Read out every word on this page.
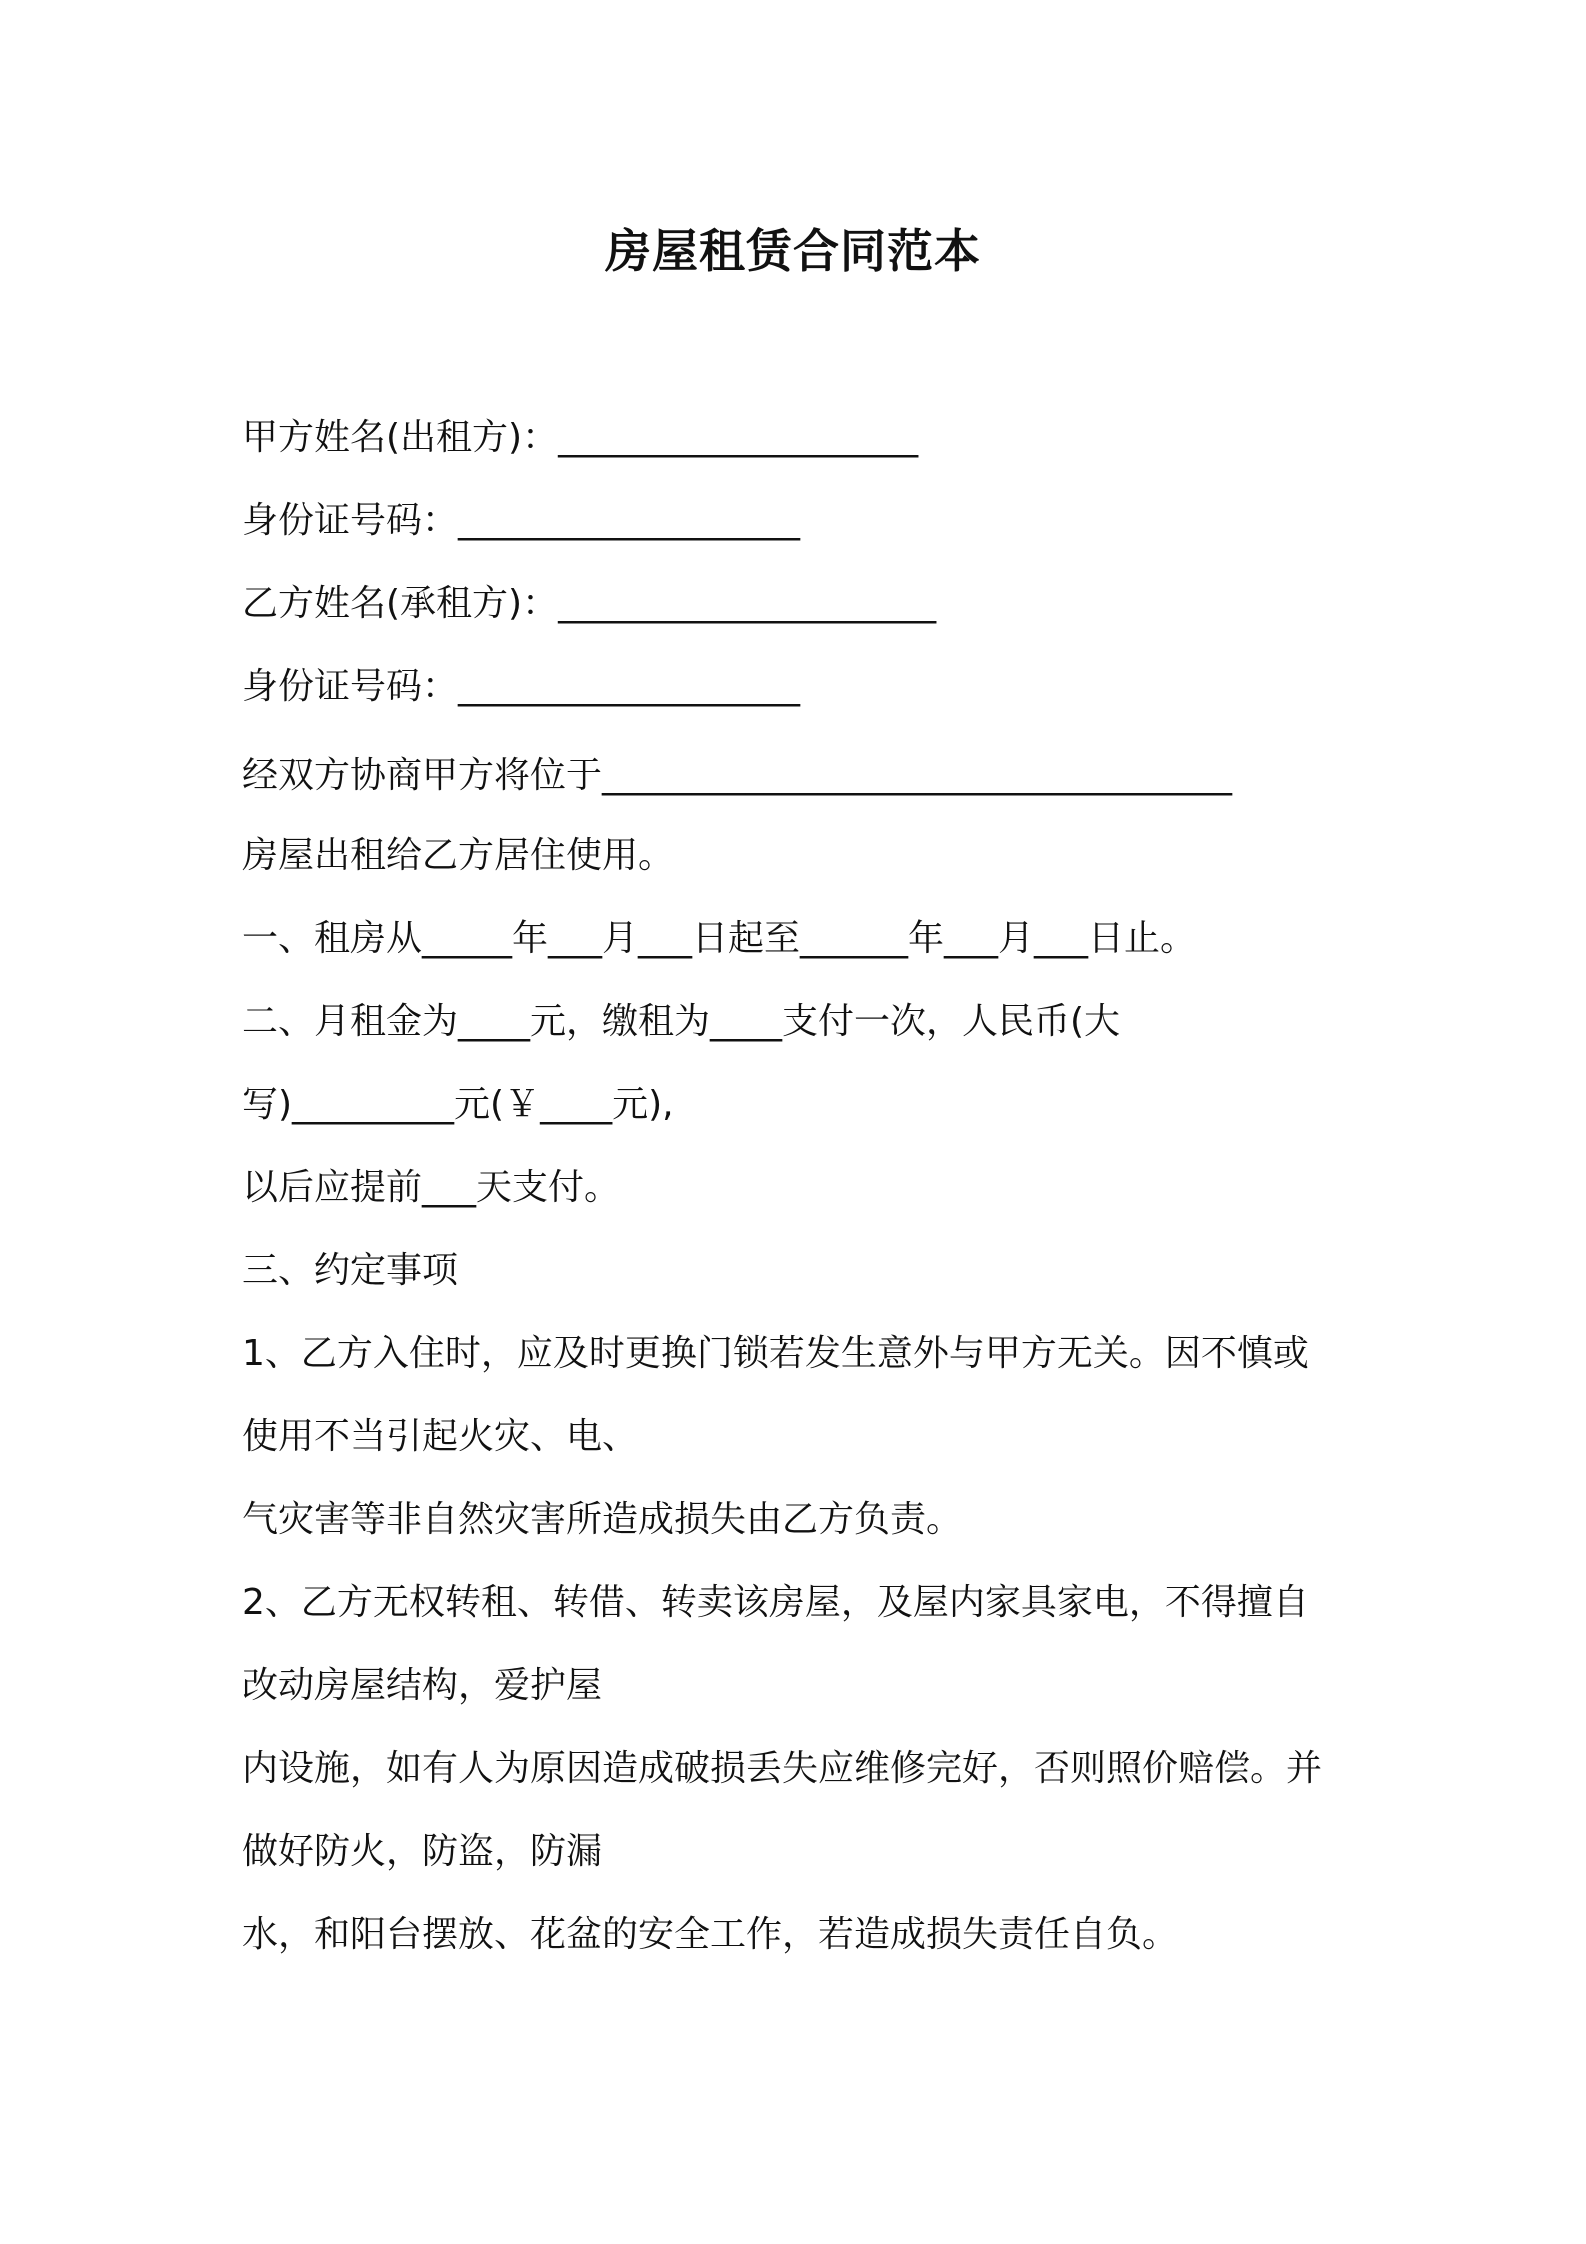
房屋租赁合同范本
甲方姓名(出租方)：____________________
身份证号码：___________________
乙方姓名(承租方)：_____________________
身份证号码：___________________
经双方协商甲方将位于___________________________________
房屋出租给乙方居住使用。
一、租房从_____年___月___日起至______年___月___日止。
二、月租金为____元，缴租为____支付一次，人民币(大
写)_________元(￥____元),
以后应提前___天支付。
三、约定事项
1、乙方入住时，应及时更换门锁若发生意外与甲方无关。因不慎或
使用不当引起火灾、电、
气灾害等非自然灾害所造成损失由乙方负责。
2、乙方无权转租、转借、转卖该房屋，及屋内家具家电，不得擅自
改动房屋结构，爱护屋
内设施，如有人为原因造成破损丢失应维修完好，否则照价赔偿。并
做好防火，防盗，防漏
水，和阳台摆放、花盆的安全工作，若造成损失责任自负。
